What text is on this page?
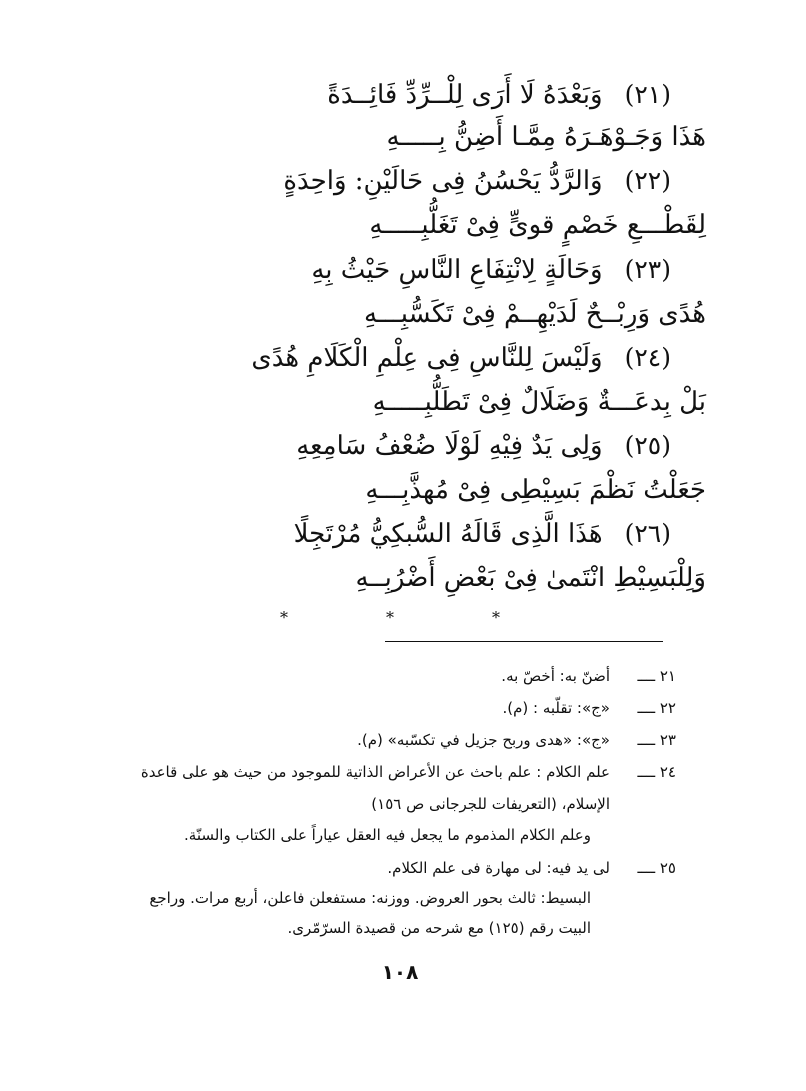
(٢١)وَبَعْدَهُ لَا أَرَى لِلْــرِّدِّ فَائِــدَةً
هَذَا وَجَـوْهَـرَهُ مِمَّـا أَضِنُّ بِـــــهِ
(٢٢)وَالرَّدُّ يَحْسُنُ فِى حَالَيْنِ: وَاحِدَةٍ
لِقَطْـــعِ خَصْمٍ قوىٍّ فِىْ تَغَلُّبِـــــهِ
(٢٣)وَحَالَةٍ لِانْتِفَاعِ النَّاسِ حَيْثُ بِهِ
هُدًى وَرِبْــحٌ لَدَيْهِــمْ فِىْ تَكَسُّبِـــهِ
(٢٤)وَلَيْسَ لِلنَّاسِ فِى عِلْمِ الْكَلَامِ هُدًى
بَلْ بِدعَـــةٌ وَضَلَالٌ فِىْ تَطَلُّبِـــــهِ
(٢٥)وَلِى يَدٌ فِيْهِ لَوْلَا ضُعْفُ سَامِعِهِ
جَعَلْتُ نَظْمَ بَسِيْطِى فِىْ مُهذَّبِـــهِ
(٢٦)هَذَا الَّذِى قَالَهُ السُّبكِيُّ مُرْتَجِلًا
وَلِلْبَسِيْطِ انْتَمىٰ فِىْ بَعْضِ أَضْرُبِــهِ
*	*	*
٢١ ــــ
أضنّ به: أخصّ به.
٢٢ ــــ
«ج»: تقلّبه : (م).
٢٣ ــــ
«ج»: «هدى وربح جزيل في تكسّبه» (م).
٢٤ ــــ
علم الكلام : علم باحث عن الأعراض الذاتية للموجود من حيث هو على قاعدة
الإسلام، (التعريفات للجرجانى ص ١٥٦)
وعلم الكلام المذموم ما يجعل فيه العقل عياراً على الكتاب والسنّة.
٢٥ ــــ
لى يد فيه: لى مهارة فى علم الكلام.
البسيط: ثالث بحور العروض. ووزنه: مستفعلن فاعلن، أربع مرات. وراجع
البيت رقم (١٢٥) مع شرحه من قصيدة السرّمّرى.
١٠٨
